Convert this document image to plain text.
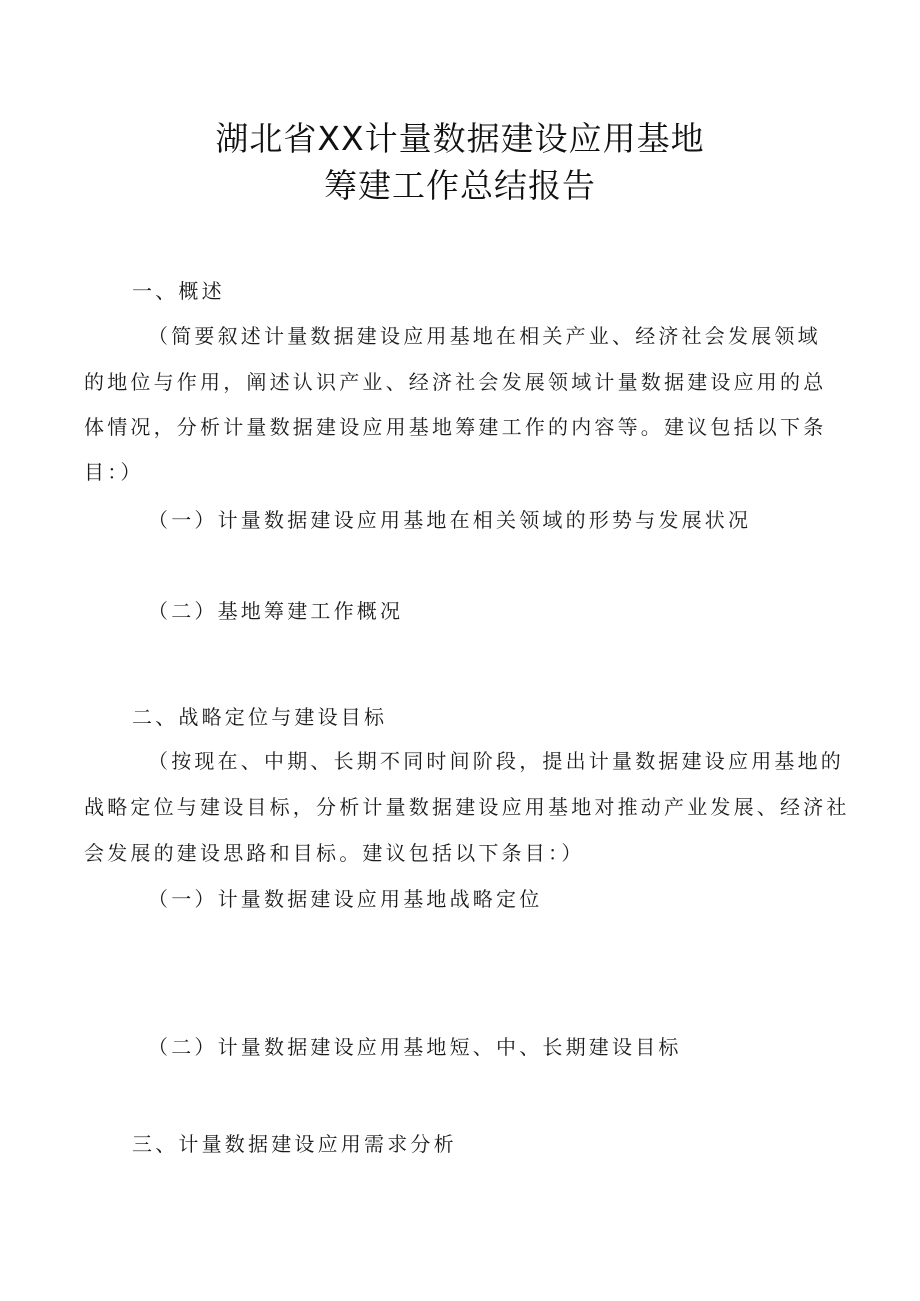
湖北省XX计量数据建设应用基地
筹建工作总结报告

一、概述

（简要叙述计量数据建设应用基地在相关产业、经济社会发展领域

的地位与作用，阐述认识产业、经济社会发展领域计量数据建设应用的总

体情况，分析计量数据建设应用基地筹建工作的内容等。建议包括以下条

目：）

（一）计量数据建设应用基地在相关领域的形势与发展状况

（二）基地筹建工作概况

二、战略定位与建设目标

（按现在、中期、长期不同时间阶段，提出计量数据建设应用基地的

战略定位与建设目标，分析计量数据建设应用基地对推动产业发展、经济社

会发展的建设思路和目标。建议包括以下条目：）

（一）计量数据建设应用基地战略定位

（二）计量数据建设应用基地短、中、长期建设目标

三、计量数据建设应用需求分析
